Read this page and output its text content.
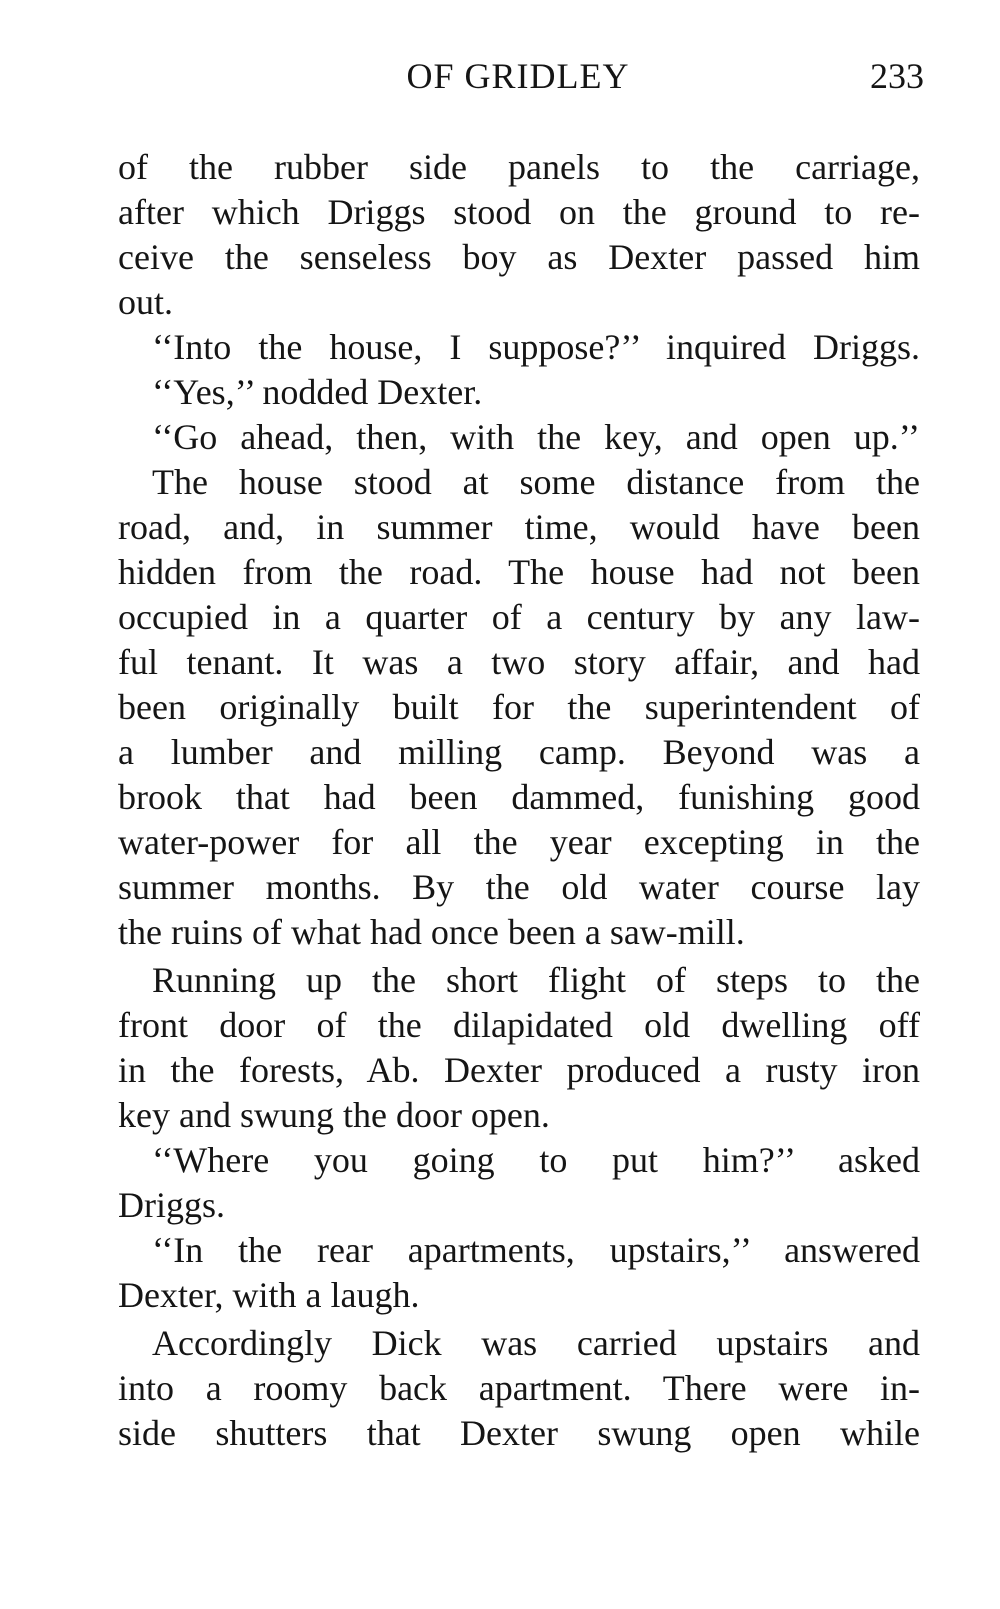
OF GRIDLEY	233
of the rubber side panels to the carriage,
after which Driggs stood on the ground to re-
ceive the senseless boy as Dexter passed him
out.
‘‘Into the house, I suppose?’’ inquired Driggs.
‘‘Yes,’’ nodded Dexter.
‘‘Go ahead, then, with the key, and open up.’’
The house stood at some distance from the
road, and, in summer time, would have been
hidden from the road. The house had not been
occupied in a quarter of a century by any law-
ful tenant. It was a two story affair, and had
been originally built for the superintendent of
a lumber and milling camp. Beyond was a
brook that had been dammed, funishing good
water-power for all the year excepting in the
summer months. By the old water course lay
the ruins of what had once been a saw-mill.
Running up the short flight of steps to the
front door of the dilapidated old dwelling off
in the forests, Ab. Dexter produced a rusty iron
key and swung the door open.
‘‘Where you going to put him?’’ asked
Driggs.
‘‘In the rear apartments, upstairs,’’ answered
Dexter, with a laugh.
Accordingly Dick was carried upstairs and
into a roomy back apartment. There were in-
side shutters that Dexter swung open while
